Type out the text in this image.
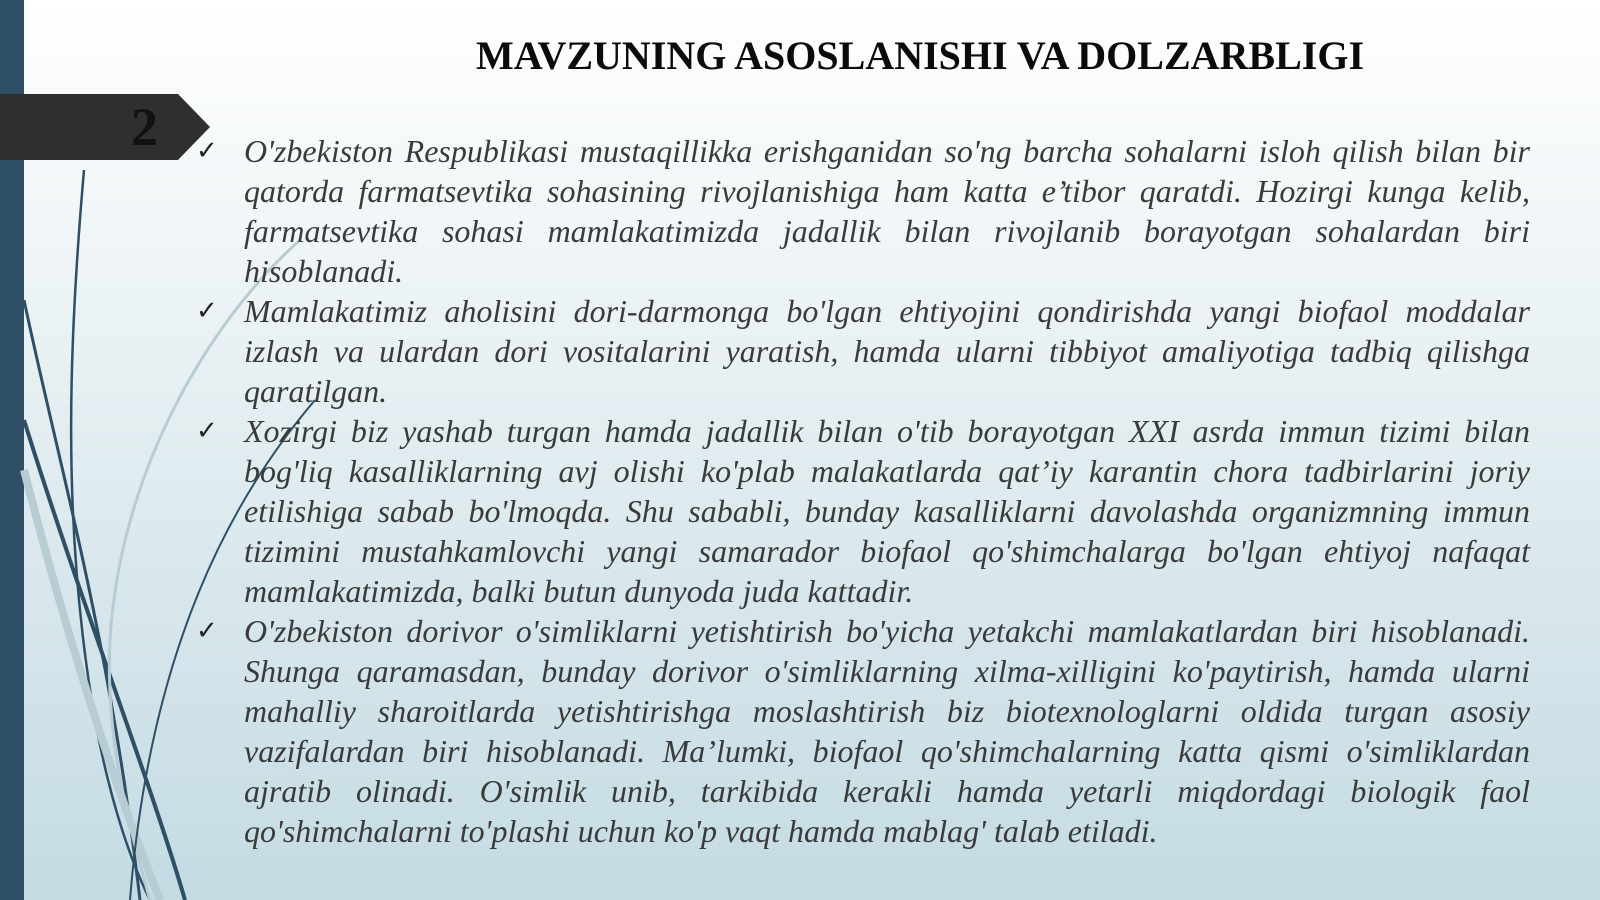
2
MAVZUNING ASOSLANISHI VA DOLZARBLIGI
✓ O'zbekiston Respublikasi mustaqillikka erishganidan so'ng barcha sohalarni isloh qilish bilan bir qatorda farmatsevtika sohasining rivojlanishiga ham katta e’tibor qaratdi. Hozirgi kunga kelib, farmatsevtika sohasi mamlakatimizda jadallik bilan rivojlanib borayotgan sohalardan biri hisoblanadi.
✓ Mamlakatimiz aholisini dori-darmonga bo'lgan ehtiyojini qondirishda yangi biofaol moddalar izlash va ulardan dori vositalarini yaratish, hamda ularni tibbiyot amaliyotiga tadbiq qilishga qaratilgan.
✓ Xozirgi biz yashab turgan hamda jadallik bilan o'tib borayotgan XXI asrda immun tizimi bilan bog'liq kasalliklarning avj olishi ko'plab malakatlarda qat’iy karantin chora tadbirlarini joriy etilishiga sabab bo'lmoqda. Shu sababli, bunday kasalliklarni davolashda organizmning immun tizimini mustahkamlovchi yangi samarador biofaol qo'shimchalarga bo'lgan ehtiyoj nafaqat mamlakatimizda, balki butun dunyoda juda kattadir.
✓ O'zbekiston dorivor o'simliklarni yetishtirish bo'yicha yetakchi mamlakatlardan biri hisoblanadi. Shunga qaramasdan, bunday dorivor o'simliklarning xilma-xilligini ko'paytirish, hamda ularni mahalliy sharoitlarda yetishtirishga moslashtirish biz biotexnologlarni oldida turgan asosiy vazifalardan biri hisoblanadi. Ma’lumki, biofaol qo'shimchalarning katta qismi o'simliklardan ajratib olinadi. O'simlik unib, tarkibida kerakli hamda yetarli miqdordagi biologik faol qo'shimchalarni to'plashi uchun ko'p vaqt hamda mablag' talab etiladi.
